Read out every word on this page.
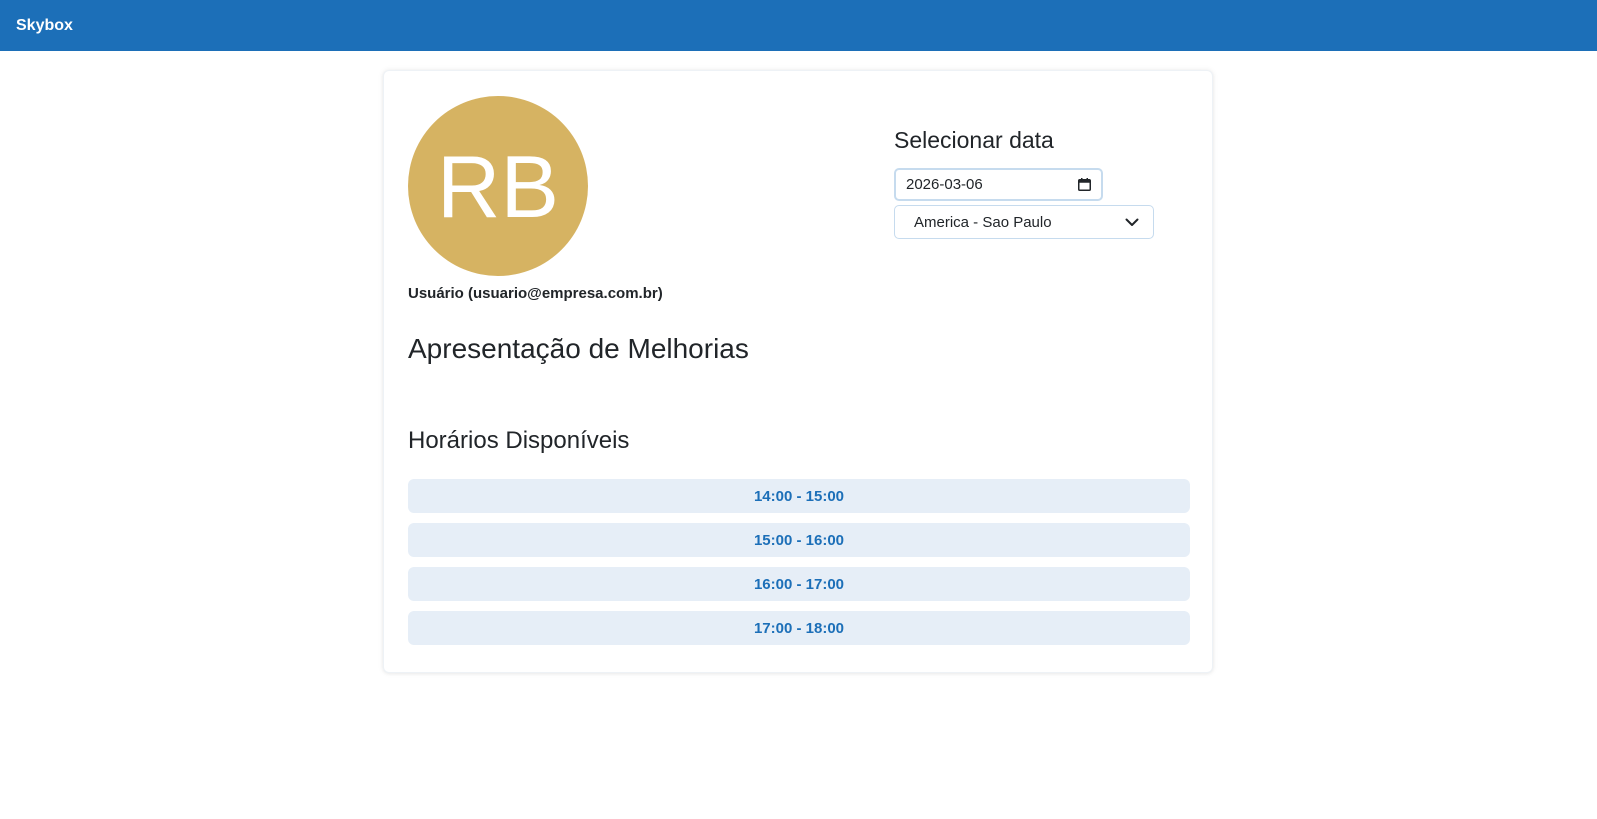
Skybox
RB
Usuário (usuario@empresa.com.br)
Apresentação de Melhorias
Selecionar data
2026-03-06
America - Sao Paulo
Horários Disponíveis
14:00 - 15:00
15:00 - 16:00
16:00 - 17:00
17:00 - 18:00
